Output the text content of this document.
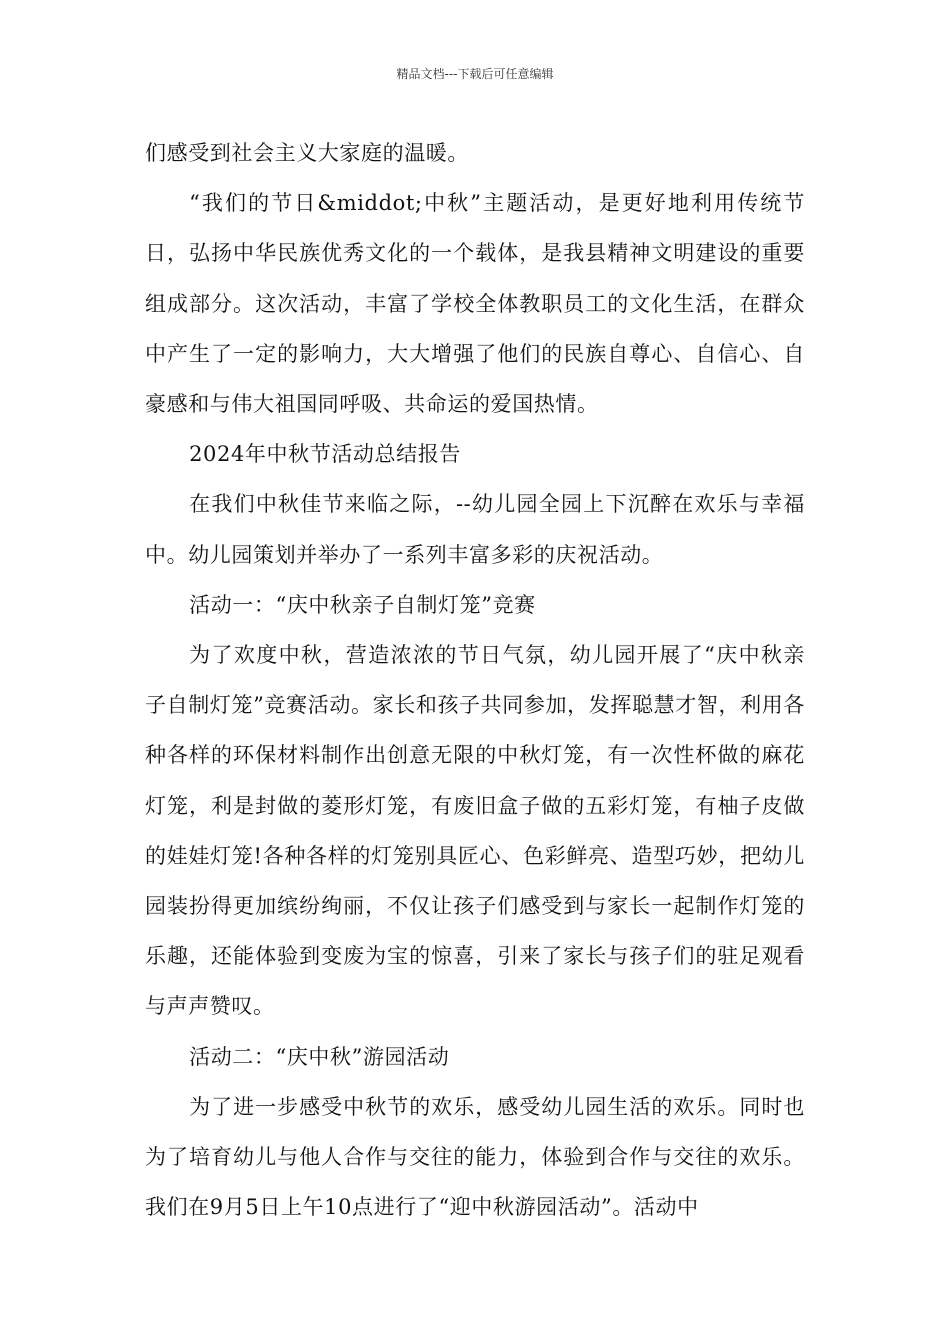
精品文档---下载后可任意编辑

们感受到社会主义大家庭的温暖。

“我们的节日&middot;中秋”主题活动，是更好地利用传统节日，弘扬中华民族优秀文化的一个载体，是我县精神文明建设的重要组成部分。这次活动，丰富了学校全体教职员工的文化生活，在群众中产生了一定的影响力，大大增强了他们的民族自尊心、自信心、自豪感和与伟大祖国同呼吸、共命运的爱国热情。

2024年中秋节活动总结报告

在我们中秋佳节来临之际，--幼儿园全园上下沉醉在欢乐与幸福中。幼儿园策划并举办了一系列丰富多彩的庆祝活动。

活动一：“庆中秋亲子自制灯笼”竞赛

为了欢度中秋，营造浓浓的节日气氛，幼儿园开展了“庆中秋亲子自制灯笼”竞赛活动。家长和孩子共同参加，发挥聪慧才智，利用各种各样的环保材料制作出创意无限的中秋灯笼，有一次性杯做的麻花灯笼，利是封做的菱形灯笼，有废旧盒子做的五彩灯笼，有柚子皮做的娃娃灯笼!各种各样的灯笼别具匠心、色彩鲜亮、造型巧妙，把幼儿园装扮得更加缤纷绚丽，不仅让孩子们感受到与家长一起制作灯笼的乐趣，还能体验到变废为宝的惊喜，引来了家长与孩子们的驻足观看与声声赞叹。

活动二：“庆中秋”游园活动

为了进一步感受中秋节的欢乐，感受幼儿园生活的欢乐。同时也为了培育幼儿与他人合作与交往的能力，体验到合作与交往的欢乐。我们在9月5日上午10点进行了“迎中秋游园活动”。活动中
